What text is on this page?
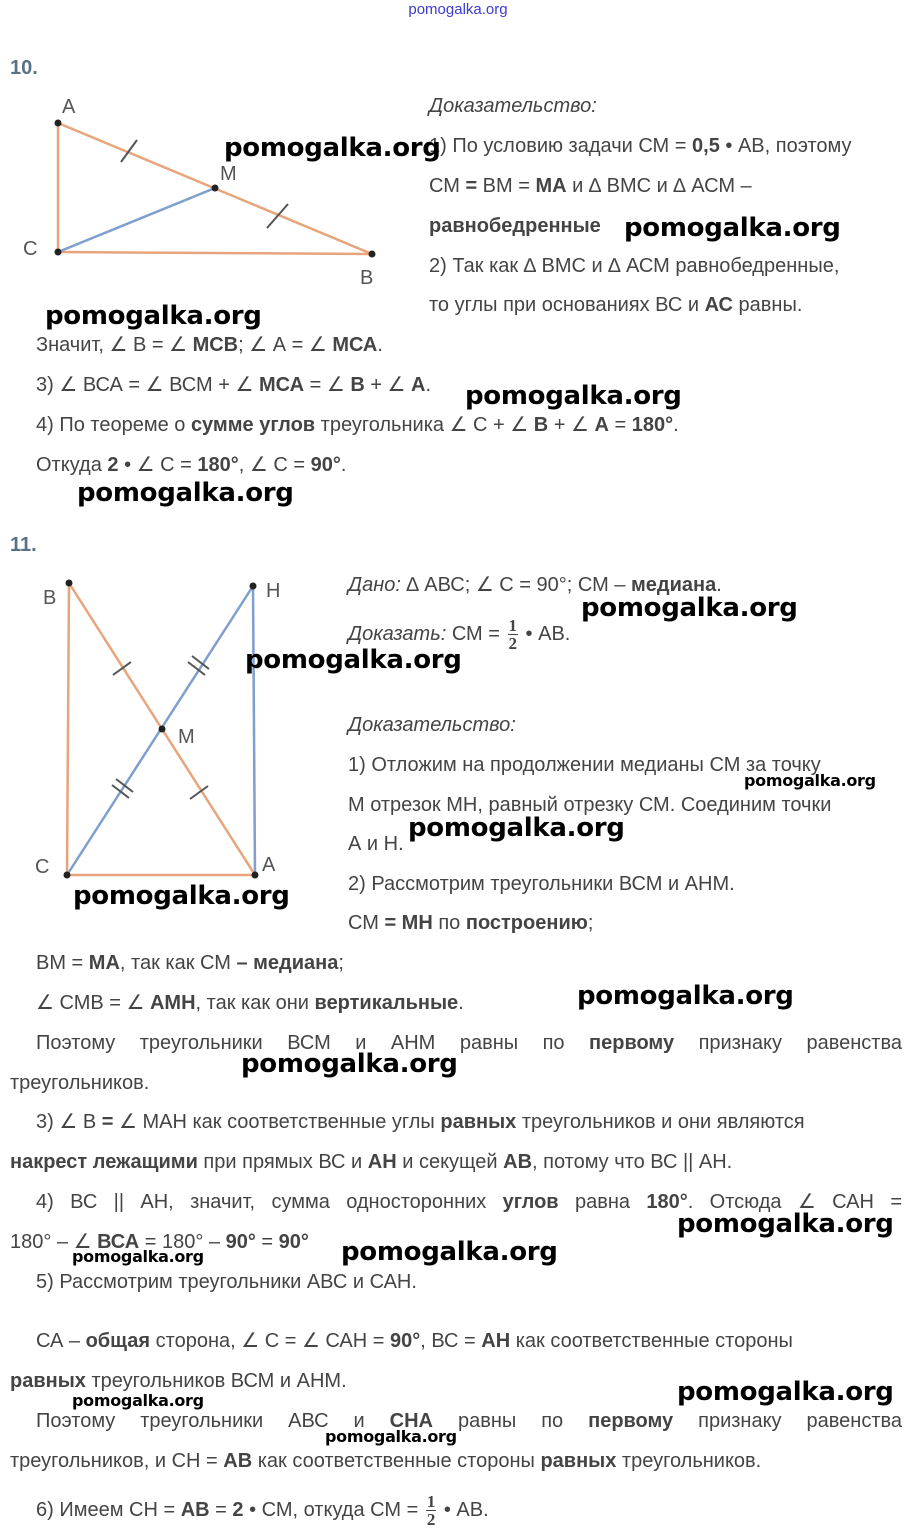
pomogalka.org
10.
A
M
C
B
Доказательство:
1) По условию задачи СМ = 0,5 • АВ, поэтому
СМ = ВМ = МА и ∆ ВМС и ∆ АСМ –
равнобедренные
2) Так как ∆ ВМС и ∆ АСМ равнобедренные,
то углы при основаниях ВС и АС равны.
Значит, ∠ В = ∠ МСВ; ∠ А = ∠ МСА.
3) ∠ ВСА = ∠ ВСМ + ∠ МСА = ∠ В + ∠ А.
4) По теореме о сумме углов треугольника ∠ С + ∠ В + ∠ А = 180°.
Откуда 2 • ∠ С = 180°, ∠ С = 90°.
11.
B	H
M
C	A
Дано: ∆ АВС; ∠ С = 90°; СМ – медиана.
Доказать: СМ = $\frac{1}{2}$ • АВ.
Доказательство:
1) Отложим на продолжении медианы СМ за точку
М отрезок МН, равный отрезку СМ. Соединим точки
А и Н.
2) Рассмотрим треугольники ВСМ и АНМ.
СМ = МН по построению;
ВМ = МА, так как СМ – медиана;
∠ СМВ = ∠ АМН, так как они вертикальные.
Поэтому треугольники ВСМ и АНМ равны по первому признаку равенства
треугольников.
3) ∠ В = ∠ МАН как соответственные углы равных треугольников и они являются
накрест лежащими при прямых ВС и АН и секущей АВ, потому что ВС || АН.
4) ВС || АН, значит, сумма односторонних углов равна 180°. Отсюда ∠ САН =
180° – ∠ ВСА = 180° – 90° = 90°
5) Рассмотрим треугольники АВС и САН.
СА – общая сторона, ∠ С = ∠ САН = 90°, ВС = АН как соответственные стороны
равных треугольников ВСМ и АНМ.
Поэтому треугольники АВС и СНА равны по первому признаку равенства
треугольников, и СН = АВ как соответственные стороны равных треугольников.
6) Имеем СН = АВ = 2 • СМ, откуда СМ = $\frac{1}{2}$ • АВ.
pomogalka.org
pomogalka.org
pomogalka.org
pomogalka.org
pomogalka.org
pomogalka.org
pomogalka.org
pomogalka.org
pomogalka.org
pomogalka.org
pomogalka.org
pomogalka.org
pomogalka.org
pomogalka.org
pomogalka.org
pomogalka.org
pomogalka.org
pomogalka.org
